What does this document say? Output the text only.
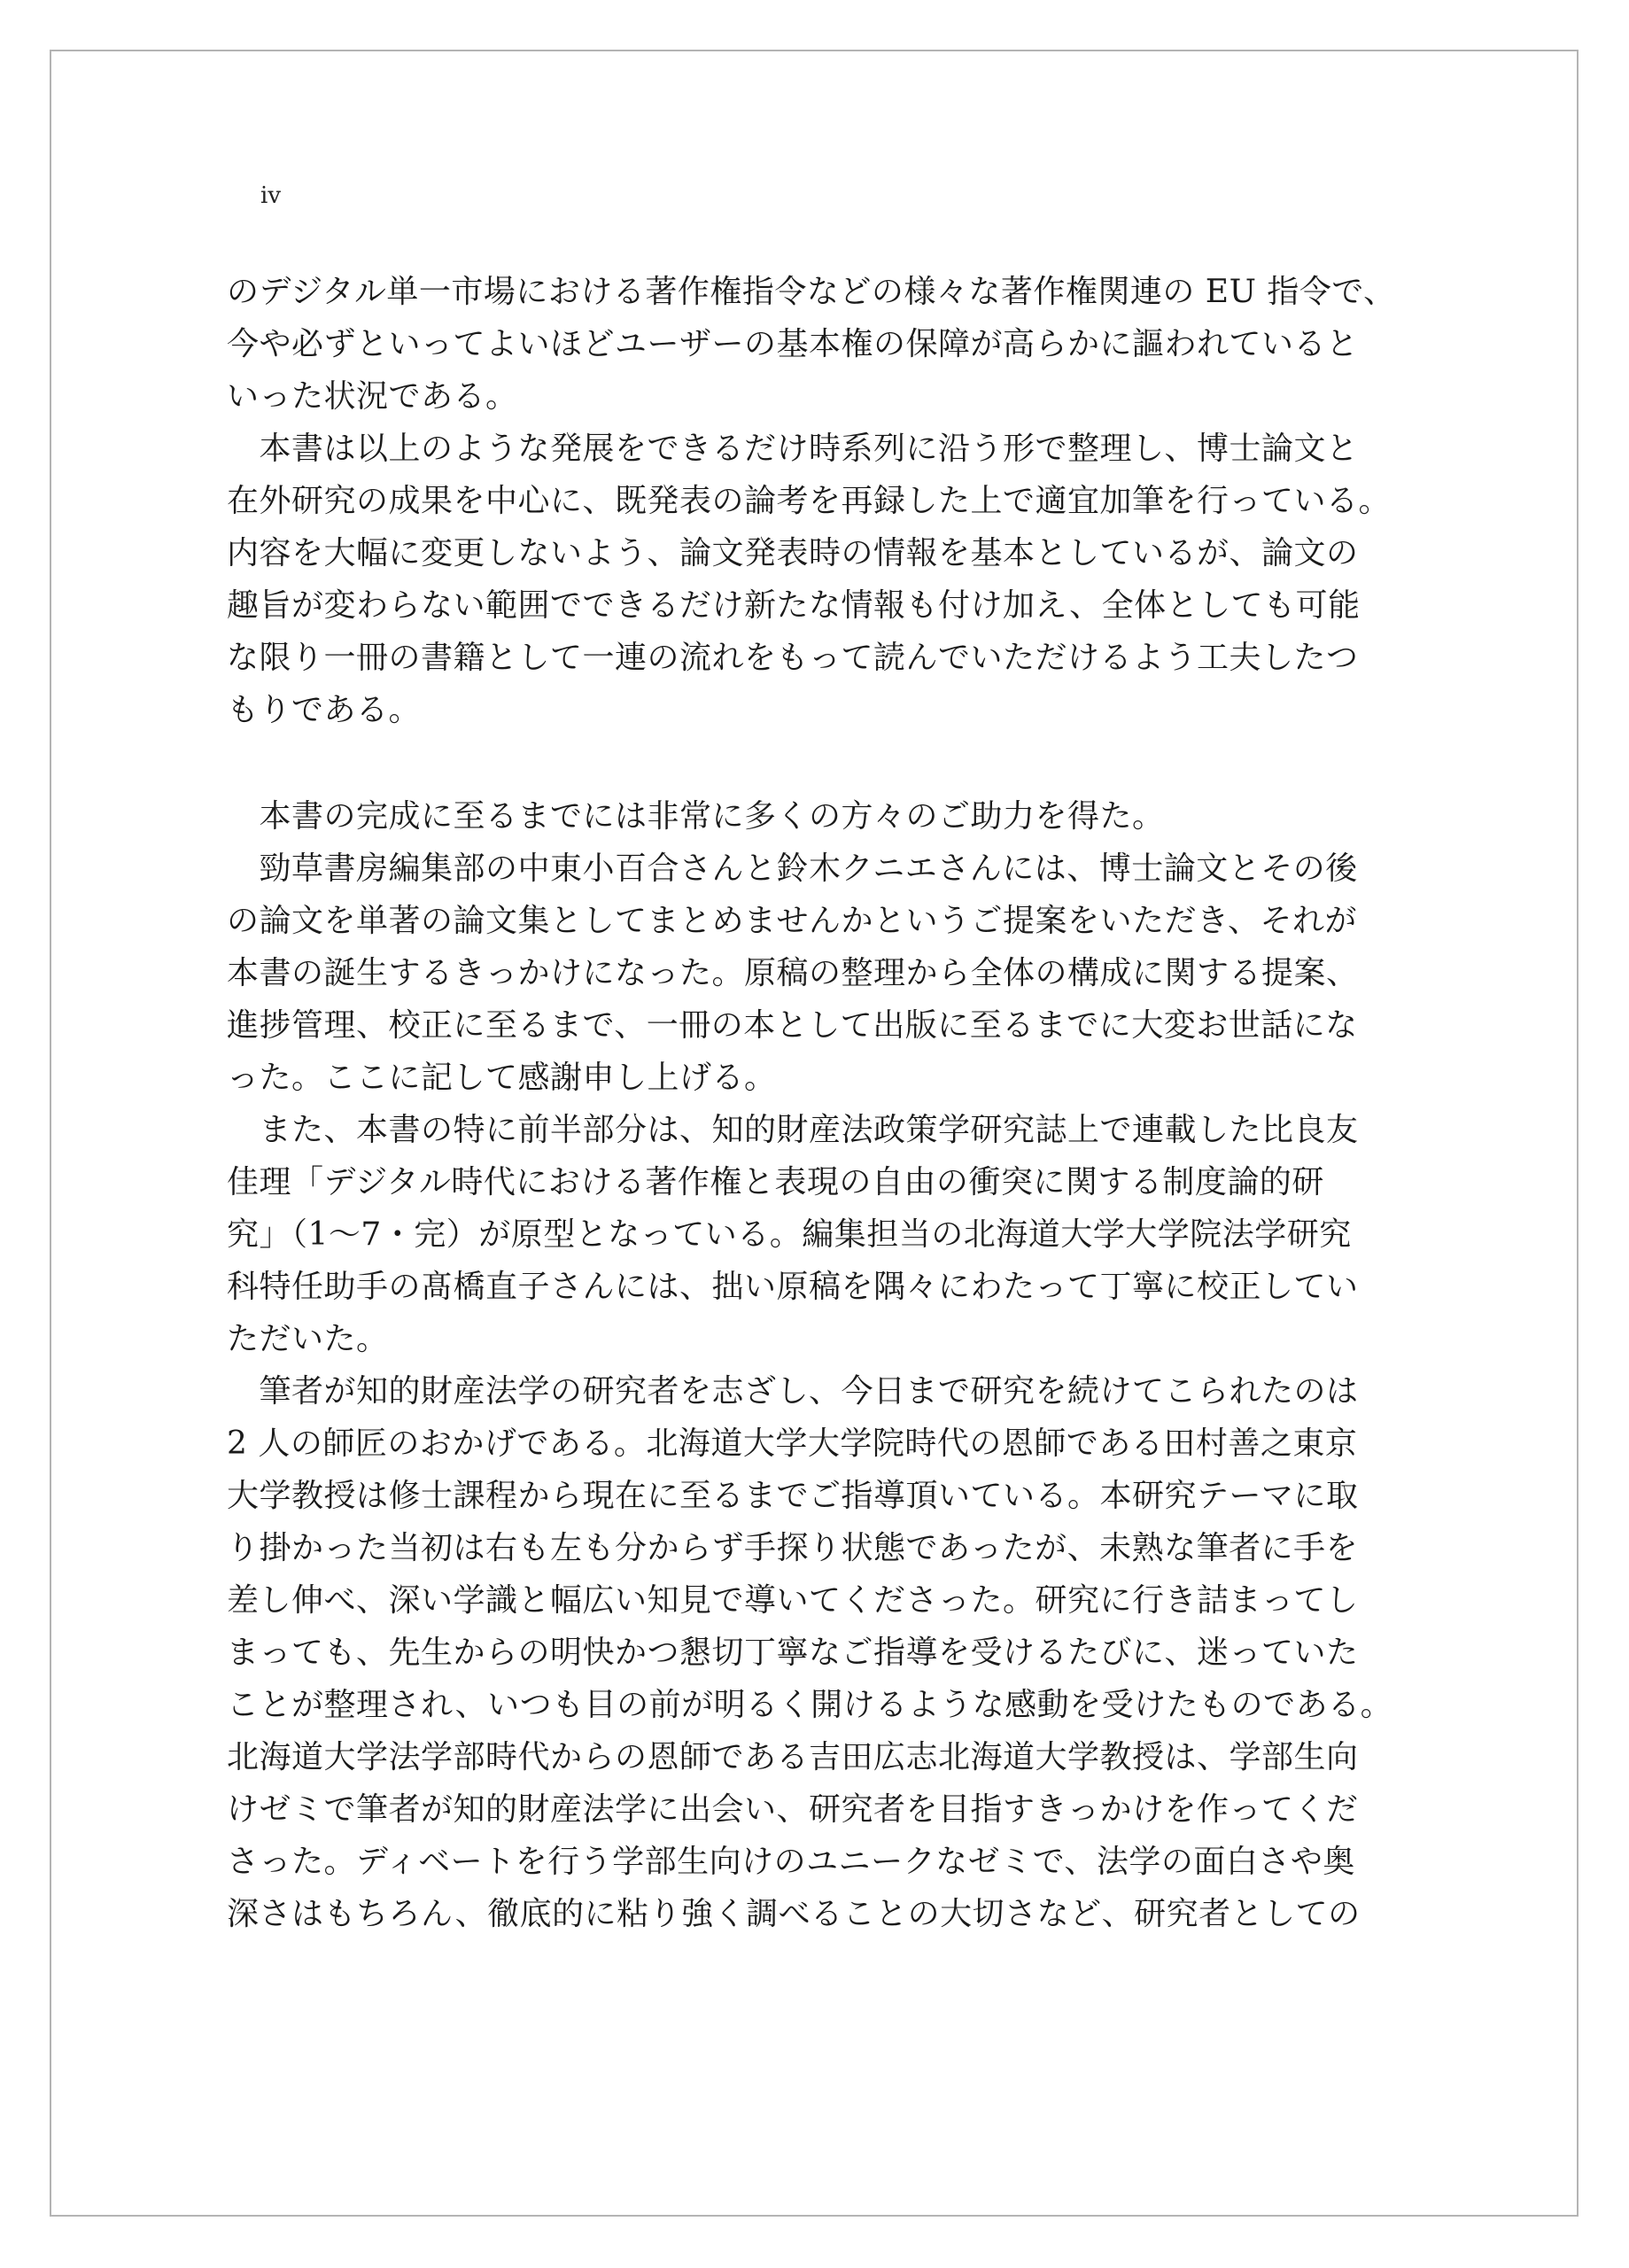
iv
のデジタル単一市場における著作権指令などの様々な著作権関連の EU 指令で、
今や必ずといってよいほどユーザーの基本権の保障が高らかに謳われていると
いった状況である。
　本書は以上のような発展をできるだけ時系列に沿う形で整理し、博士論文と
在外研究の成果を中心に、既発表の論考を再録した上で適宜加筆を行っている。
内容を大幅に変更しないよう、論文発表時の情報を基本としているが、論文の
趣旨が変わらない範囲でできるだけ新たな情報も付け加え、全体としても可能
な限り一冊の書籍として一連の流れをもって読んでいただけるよう工夫したつ
もりである。
　本書の完成に至るまでには非常に多くの方々のご助力を得た。
　勁草書房編集部の中東小百合さんと鈴木クニエさんには、博士論文とその後
の論文を単著の論文集としてまとめませんかというご提案をいただき、それが
本書の誕生するきっかけになった。原稿の整理から全体の構成に関する提案、
進捗管理、校正に至るまで、一冊の本として出版に至るまでに大変お世話にな
った。ここに記して感謝申し上げる。
　また、本書の特に前半部分は、知的財産法政策学研究誌上で連載した比良友
佳理「デジタル時代における著作権と表現の自由の衝突に関する制度論的研
究」（1〜7・完）が原型となっている。編集担当の北海道大学大学院法学研究
科特任助手の髙橋直子さんには、拙い原稿を隅々にわたって丁寧に校正してい
ただいた。
　筆者が知的財産法学の研究者を志ざし、今日まで研究を続けてこられたのは
2 人の師匠のおかげである。北海道大学大学院時代の恩師である田村善之東京
大学教授は修士課程から現在に至るまでご指導頂いている。本研究テーマに取
り掛かった当初は右も左も分からず手探り状態であったが、未熟な筆者に手を
差し伸べ、深い学識と幅広い知見で導いてくださった。研究に行き詰まってし
まっても、先生からの明快かつ懇切丁寧なご指導を受けるたびに、迷っていた
ことが整理され、いつも目の前が明るく開けるような感動を受けたものである。
北海道大学法学部時代からの恩師である吉田広志北海道大学教授は、学部生向
けゼミで筆者が知的財産法学に出会い、研究者を目指すきっかけを作ってくだ
さった。ディベートを行う学部生向けのユニークなゼミで、法学の面白さや奥
深さはもちろん、徹底的に粘り強く調べることの大切さなど、研究者としての
